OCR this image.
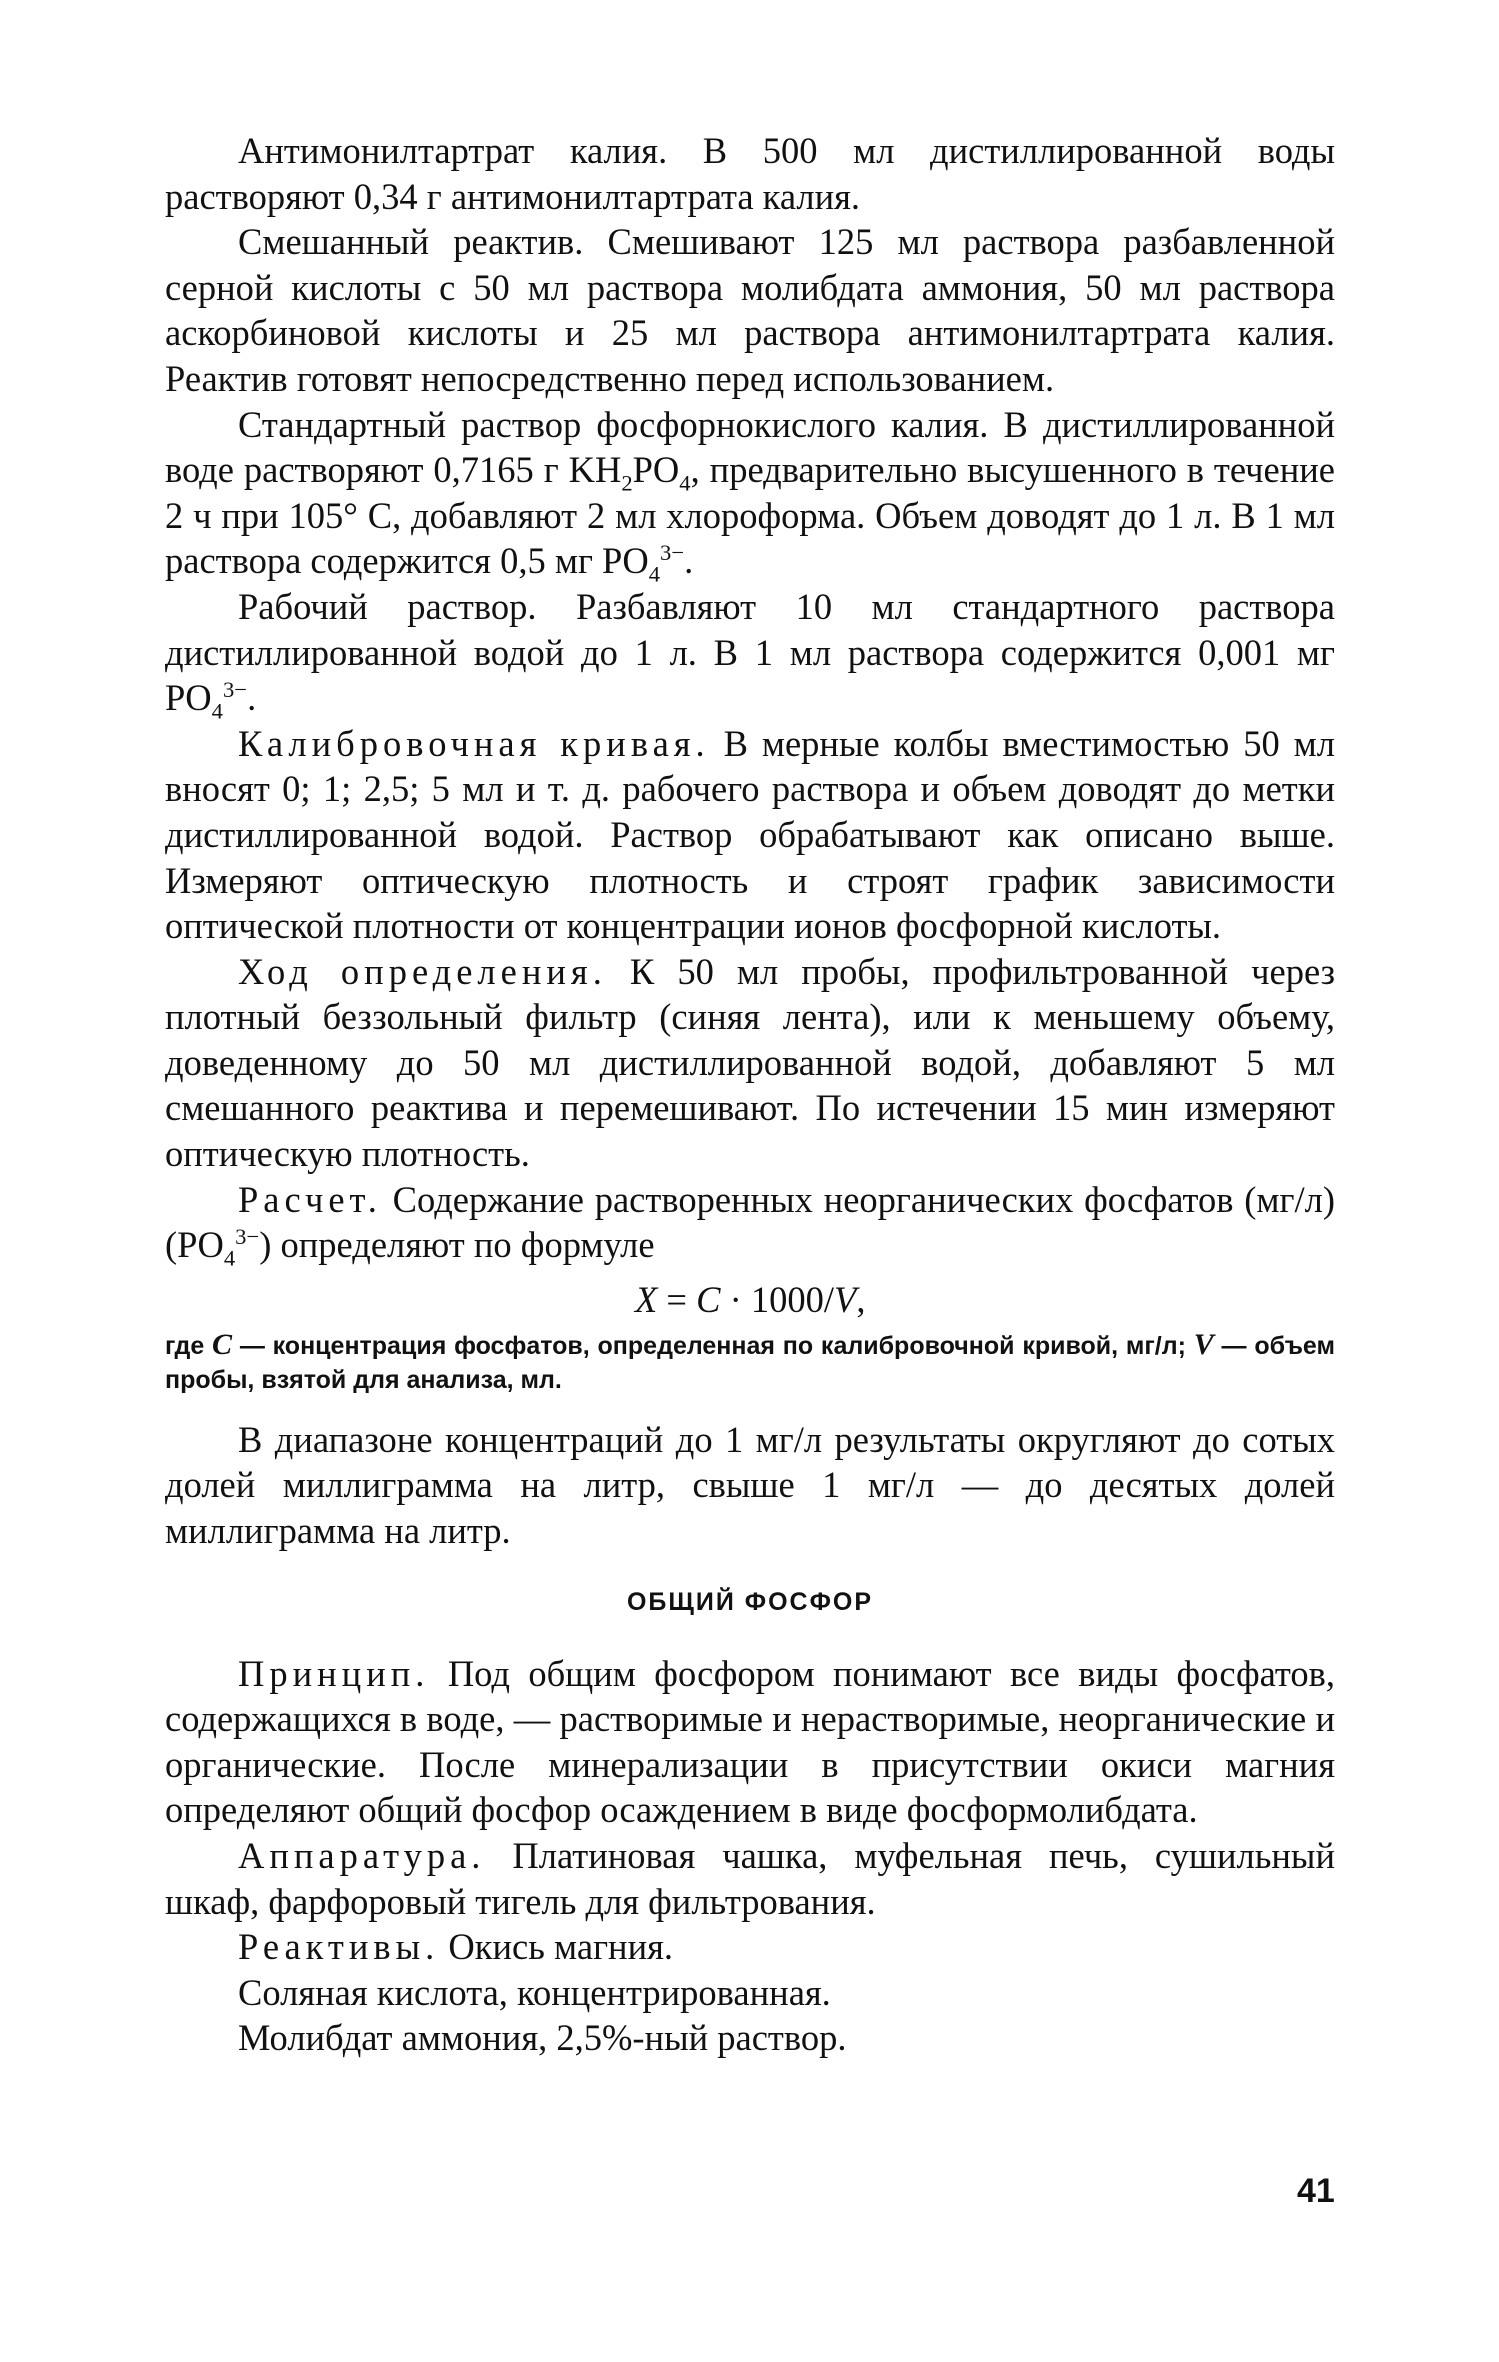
Антимонилтартрат калия. В 500 мл дистиллированной воды растворяют 0,34 г антимонилтартрата калия.

Смешанный реактив. Смешивают 125 мл раствора разбавленной серной кислоты с 50 мл раствора молибдата аммония, 50 мл раствора аскорбиновой кислоты и 25 мл раствора антимонилтартрата калия. Реактив готовят непосредственно перед использованием.

Стандартный раствор фосфорнокислого калия. В дистиллированной воде растворяют 0,7165 г $KH_2PO_4$, предварительно высушенного в течение 2 ч при 105° C, добавляют 2 мл хлороформа. Объем доводят до 1 л. В 1 мл раствора содержится 0,5 мг $PO_4^{3-}$.

Рабочий раствор. Разбавляют 10 мл стандартного раствора дистиллированной водой до 1 л. В 1 мл раствора содержится 0,001 мг $PO_4^{3-}$.

Калибровочная кривая. В мерные колбы вместимостью 50 мл вносят 0; 1; 2,5; 5 мл и т. д. рабочего раствора и объем доводят до метки дистиллированной водой. Раствор обрабатывают как описано выше. Измеряют оптическую плотность и строят график зависимости оптической плотности от концентрации ионов фосфорной кислоты.

Ход определения. К 50 мл пробы, профильтрованной через плотный беззольный фильтр (синяя лента), или к меньшему объему, доведенному до 50 мл дистиллированной водой, добавляют 5 мл смешанного реактива и перемешивают. По истечении 15 мин измеряют оптическую плотность.

Расчет. Содержание растворенных неорганических фосфатов (мг/л) $(PO_4^{3-})$ определяют по формуле

X = C · 1000/V,

где C — концентрация фосфатов, определенная по калибровочной кривой, мг/л; V — объем пробы, взятой для анализа, мл.

В диапазоне концентраций до 1 мг/л результаты округляют до сотых долей миллиграмма на литр, свыше 1 мг/л — до десятых долей миллиграмма на литр.

ОБЩИЙ ФОСФОР

Принцип. Под общим фосфором понимают все виды фосфатов, содержащихся в воде, — растворимые и нерастворимые, неорганические и органические. После минерализации в присутствии окиси магния определяют общий фосфор осаждением в виде фосформолибдата.

Аппаратура. Платиновая чашка, муфельная печь, сушильный шкаф, фарфоровый тигель для фильтрования.

Реактивы. Окись магния.

Соляная кислота, концентрированная.

Молибдат аммония, 2,5%-ный раствор.

41
